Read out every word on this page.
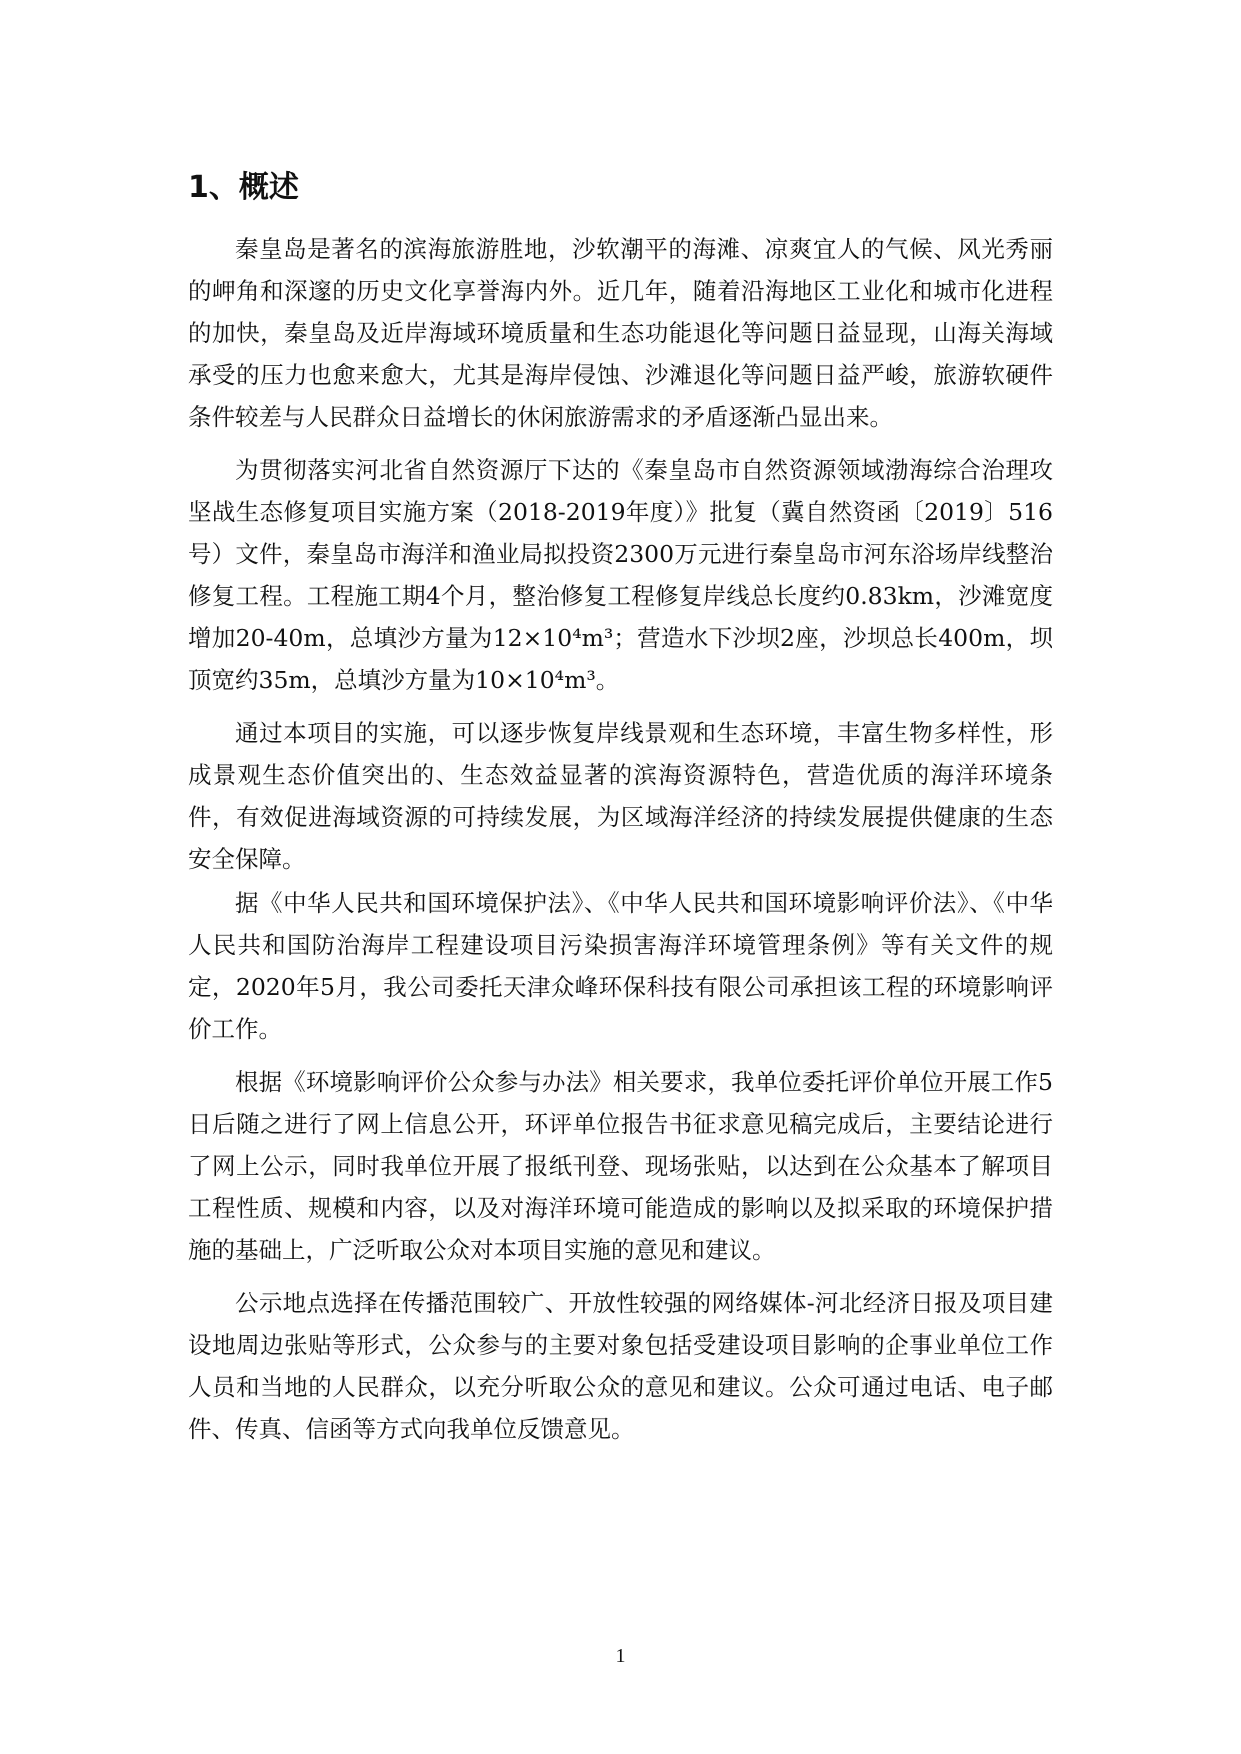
1、概述

秦皇岛是著名的滨海旅游胜地，沙软潮平的海滩、凉爽宜人的气候、风光秀丽的岬角和深邃的历史文化享誉海内外。近几年，随着沿海地区工业化和城市化进程的加快，秦皇岛及近岸海域环境质量和生态功能退化等问题日益显现，山海关海域承受的压力也愈来愈大，尤其是海岸侵蚀、沙滩退化等问题日益严峻，旅游软硬件条件较差与人民群众日益增长的休闲旅游需求的矛盾逐渐凸显出来。

为贯彻落实河北省自然资源厅下达的《秦皇岛市自然资源领域渤海综合治理攻坚战生态修复项目实施方案（2018-2019年度）》批复（冀自然资函〔2019〕516号）文件，秦皇岛市海洋和渔业局拟投资2300万元进行秦皇岛市河东浴场岸线整治修复工程。工程施工期4个月，整治修复工程修复岸线总长度约0.83km，沙滩宽度增加20-40m，总填沙方量为12×10⁴m³；营造水下沙坝2座，沙坝总长400m，坝顶宽约35m，总填沙方量为10×10⁴m³。

通过本项目的实施，可以逐步恢复岸线景观和生态环境，丰富生物多样性，形成景观生态价值突出的、生态效益显著的滨海资源特色，营造优质的海洋环境条件，有效促进海域资源的可持续发展，为区域海洋经济的持续发展提供健康的生态安全保障。

据《中华人民共和国环境保护法》、《中华人民共和国环境影响评价法》、《中华人民共和国防治海岸工程建设项目污染损害海洋环境管理条例》等有关文件的规定，2020年5月，我公司委托天津众峰环保科技有限公司承担该工程的环境影响评价工作。

根据《环境影响评价公众参与办法》相关要求，我单位委托评价单位开展工作5日后随之进行了网上信息公开，环评单位报告书征求意见稿完成后，主要结论进行了网上公示，同时我单位开展了报纸刊登、现场张贴，以达到在公众基本了解项目工程性质、规模和内容，以及对海洋环境可能造成的影响以及拟采取的环境保护措施的基础上，广泛听取公众对本项目实施的意见和建议。

公示地点选择在传播范围较广、开放性较强的网络媒体-河北经济日报及项目建设地周边张贴等形式，公众参与的主要对象包括受建设项目影响的企事业单位工作人员和当地的人民群众，以充分听取公众的意见和建议。公众可通过电话、电子邮件、传真、信函等方式向我单位反馈意见。

1
